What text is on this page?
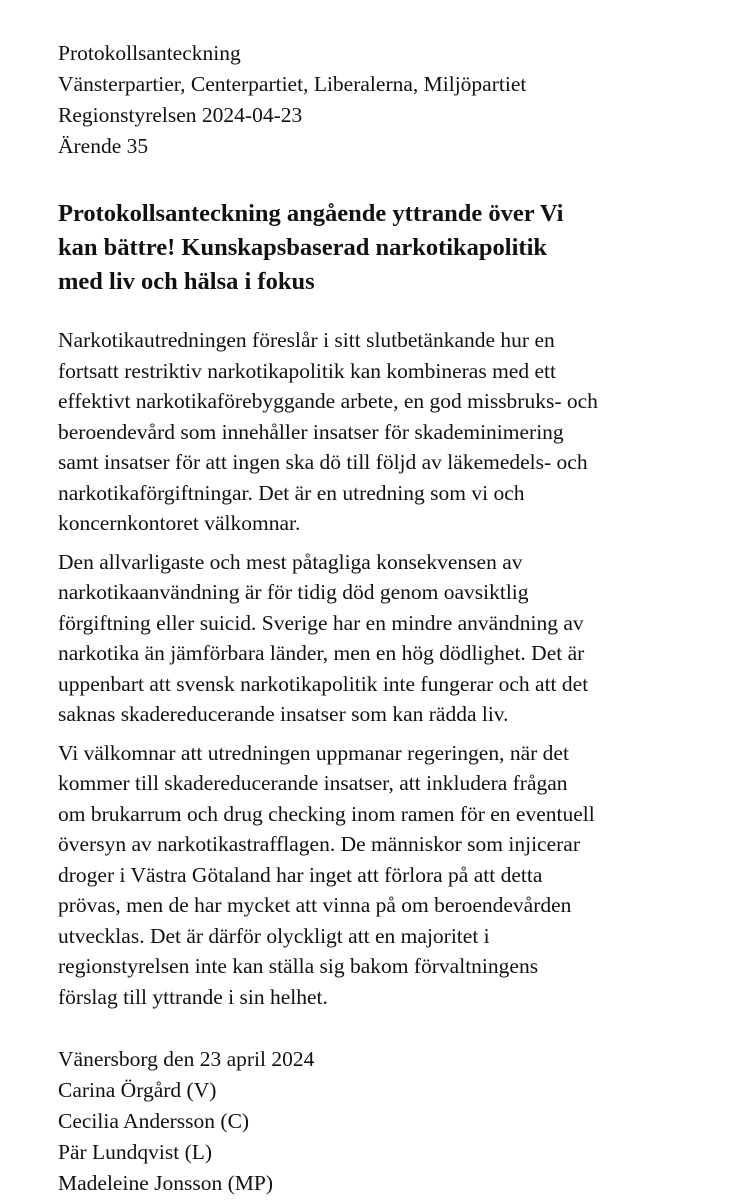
Protokollsanteckning
Vänsterpartier, Centerpartiet, Liberalerna, Miljöpartiet
Regionstyrelsen 2024-04-23
Ärende 35
Protokollsanteckning angående yttrande över Vi
kan bättre! Kunskapsbaserad narkotikapolitik
med liv och hälsa i fokus

Narkotikautredningen föreslår i sitt slutbetänkande hur en
fortsatt restriktiv narkotikapolitik kan kombineras med ett
effektivt narkotikaförebyggande arbete, en god missbruks- och
beroendevård som innehåller insatser för skademinimering
samt insatser för att ingen ska dö till följd av läkemedels- och
narkotikaförgiftningar. Det är en utredning som vi och
koncernkontoret välkomnar.

Den allvarligaste och mest påtagliga konsekvensen av
narkotikaanvändning är för tidig död genom oavsiktlig
förgiftning eller suicid. Sverige har en mindre användning av
narkotika än jämförbara länder, men en hög dödlighet. Det är
uppenbart att svensk narkotikapolitik inte fungerar och att det
saknas skadereducerande insatser som kan rädda liv.

Vi välkomnar att utredningen uppmanar regeringen, när det
kommer till skadereducerande insatser, att inkludera frågan
om brukarrum och drug checking inom ramen för en eventuell
översyn av narkotikastrafflagen. De människor som injicerar
droger i Västra Götaland har inget att förlora på att detta
prövas, men de har mycket att vinna på om beroendevården
utvecklas. Det är därför olyckligt att en majoritet i
regionstyrelsen inte kan ställa sig bakom förvaltningens
förslag till yttrande i sin helhet.

Vänersborg den 23 april 2024
Carina Örgård (V)
Cecilia Andersson (C)
Pär Lundqvist (L)
Madeleine Jonsson (MP)
